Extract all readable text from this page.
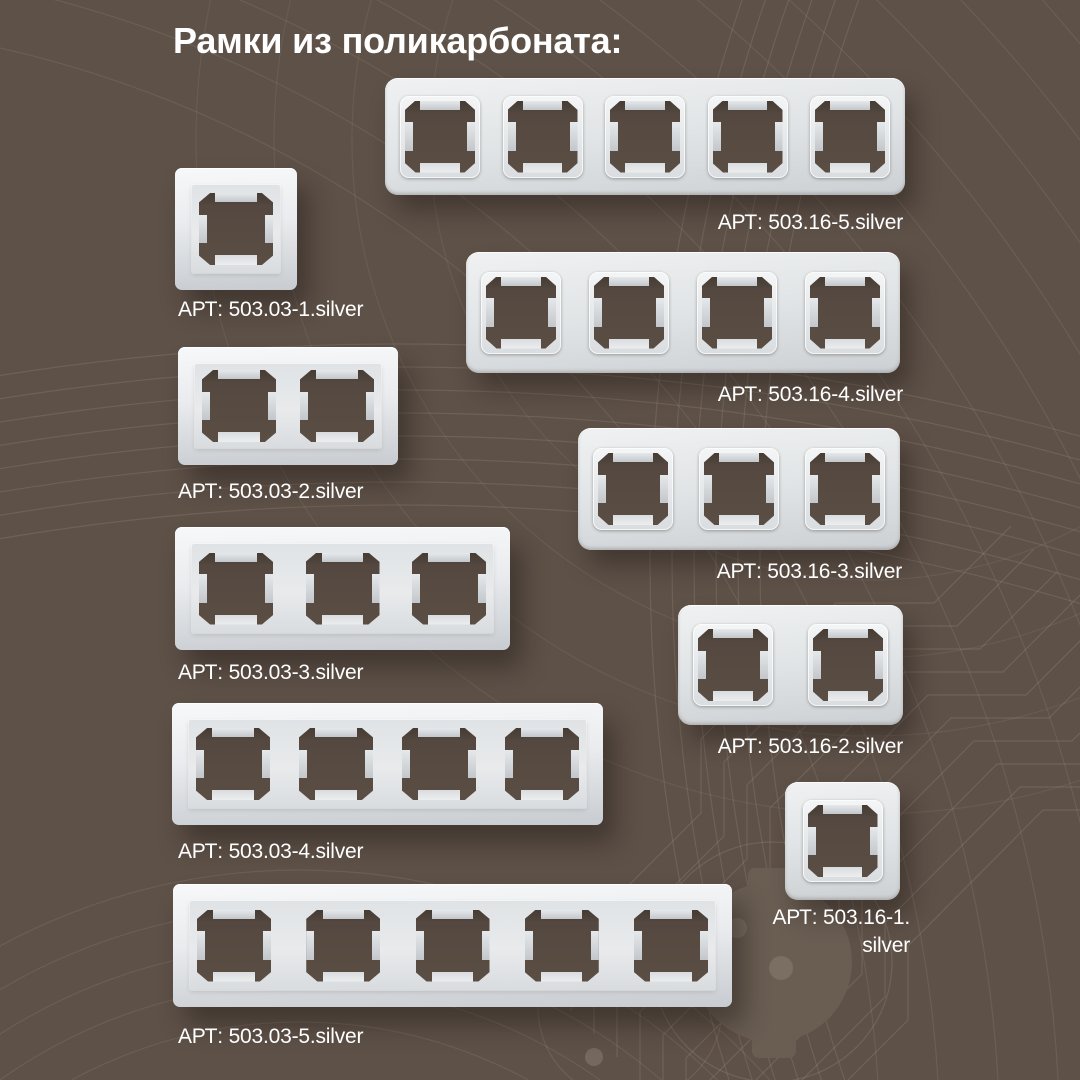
Рамки из поликарбоната:
АРТ: 503.03-1.silver
АРТ: 503.03-2.silver
АРТ: 503.03-3.silver
АРТ: 503.03-4.silver
АРТ: 503.03-5.silver
АРТ: 503.16-5.silver
АРТ: 503.16-4.silver
АРТ: 503.16-3.silver
АРТ: 503.16-2.silver
АРТ: 503.16-1.
silver
